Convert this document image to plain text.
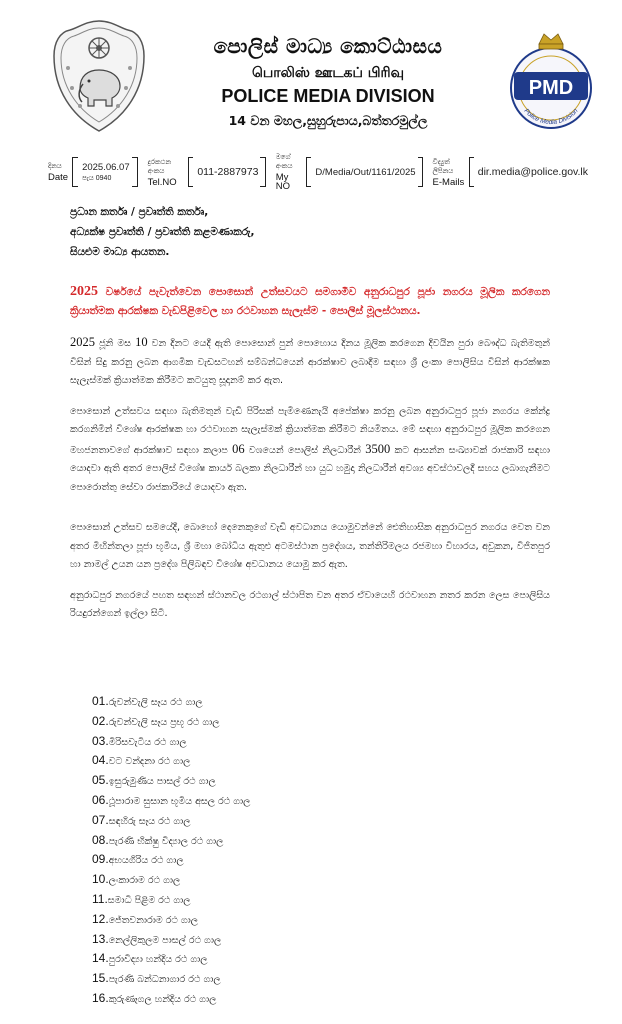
පොලිස් මාධ්‍ය කොට්ඨාසය
பொலிஸ் ஊடகப் பிரிவு
POLICE MEDIA DIVISION
14 වන මහල,සුහුරුපාය,බත්තරමුල්ල
PMD
Police Media Division
දිනය
Date
2025.06.07
පැය 0940
දුරකථන අංකය
Tel.NO
011-2887973
මගේ අංකය
My NO
D/Media/Out/1161/2025
විද්‍යුත් ලිපිනය
E-Mails
dir.media@police.gov.lk
ප්‍රධාන කර්තෘ / ප්‍රවෘත්ති කර්තෘ,
අධ්‍යක්ෂ ප්‍රවෘත්ති / ප්‍රවෘත්ති කළමණාකරු,
සියළුම මාධ්‍ය ආයතන.
2025 වර්ෂයේ පැවැත්වෙන පොසොන් උත්සවයට සමගාමීව අනුරාධපුර පූජා නගරය මූලික කරගෙන ක්‍රියාත්මක ආරක්ෂක වැඩපිළිවෙල හා රථවාහන සැලැස්ම - පොලිස් මූලස්ථානය.
2025 ජූනි මස 10 වන දිනට යෙදී ඇති පොසොන් පුන් පොහොය දිනය මූලික කරගෙන දිවයින පුරා බෞද්ධ බැතිමතුන් විසින් සිදු කරනු ලබන ආගමික වැඩසටහන් සම්බන්ධයෙන් ආරක්ෂාව ලබාදීම සඳහා ශ්‍රී ලංකා පොලිසිය විසින් ආරක්ෂක සැලැස්මක් ක්‍රියාත්මක කිරීමට කටයුතු සූදානම් කර ඇත.
පොසොන් උත්සවය සඳහා බැතිමතුන් වැඩි පිරිසක් පැමිණෙනැයි අපේක්ෂා කරනු ලබන අනුරාධපුර පූජා නගරය කේන්ද්‍ර කරගනිමින් විශේෂ ආරක්ෂක හා රථවාහන සැලැස්මක් ක්‍රියාත්මක කිරීමට නියමිතය. මේ සඳහා අනුරාධපුර මූලික කරගෙන මහජනතාවගේ ආරක්ෂාව සඳහා කලාප 06 වශයෙන් පොලිස් නිලධාරීන් 3500 කට ආසන්න සංඛ්‍යාවක් රාජකාරි සඳහා යොදවා ඇති අතර පොලිස් විශේෂ කාර්ය බලකා නිලධාරීන් හා යුධ හමුදා නිලධාරීන් අවශ්‍ය අවස්ථාවලදී සහය ලබාගැනීමට පොරොත්තු සේවා රාජකාරියේ යොදවා ඇත.
පොසොන් උත්සව සමයේදී, බොහෝ දෙනෙකුගේ වැඩි අවධානය යොමුවන්නේ ඓතිහාසික අනුරාධපුර නගරය වෙත වන අතර මිහින්තලා පූජා භූමිය, ශ්‍රී මහා බෝධිය ඇතුළු අටමස්ථාන ප්‍රදේශය, තන්තිරිමලය රජමහා විහාරය, අවුකන, විජිතපුර හා නාමල් උයන යන ප්‍රදේශ පිලිබඳව විශේෂ අවධානය යොමු කර ඇත.
අනුරාධපුර නගරයේ පහත සඳහන් ස්ථානවල රථගාල් ස්ථාපිත වන අතර ඒවායෙහි රථවාහන නතර කරන ලෙස පොලිසිය රියදුරන්ගෙන් ඉල්ලා සිටී.
01.රුවන්වැලි සෑය රථ ගාල
02.රුවන්වැලි සෑය ප්‍රභූ රථ ගාල
03.මිරිසවැටිය රථ ගාල
04.වට වන්දනා රථ ගාල
05.ඉසුරුමුණිය පාසල් රථ ගාල
06.ථූපාරාම සුසාන භූමිය අසල රථ ගාල
07.සඳහිරු සෑය රථ ගාල
08.පැරණි භික්ෂු විද්‍යාල රථ ගාල
09.අභයගිරිය රථ ගාල
10.ලංකාරාම රථ ගාල
11.සමාධි පිළිම රථ ගාල
12.ජේතවනාරාම රථ ගාල
13.නෙල්ලිකුලම පාසල් රථ ගාල
14.පුරාවිද්‍යා හන්දිය රථ ගාල
15.පැරණි බන්ධනාගාර රථ ගාල
16.කුරුණෑගල හන්දිය රථ ගාල
